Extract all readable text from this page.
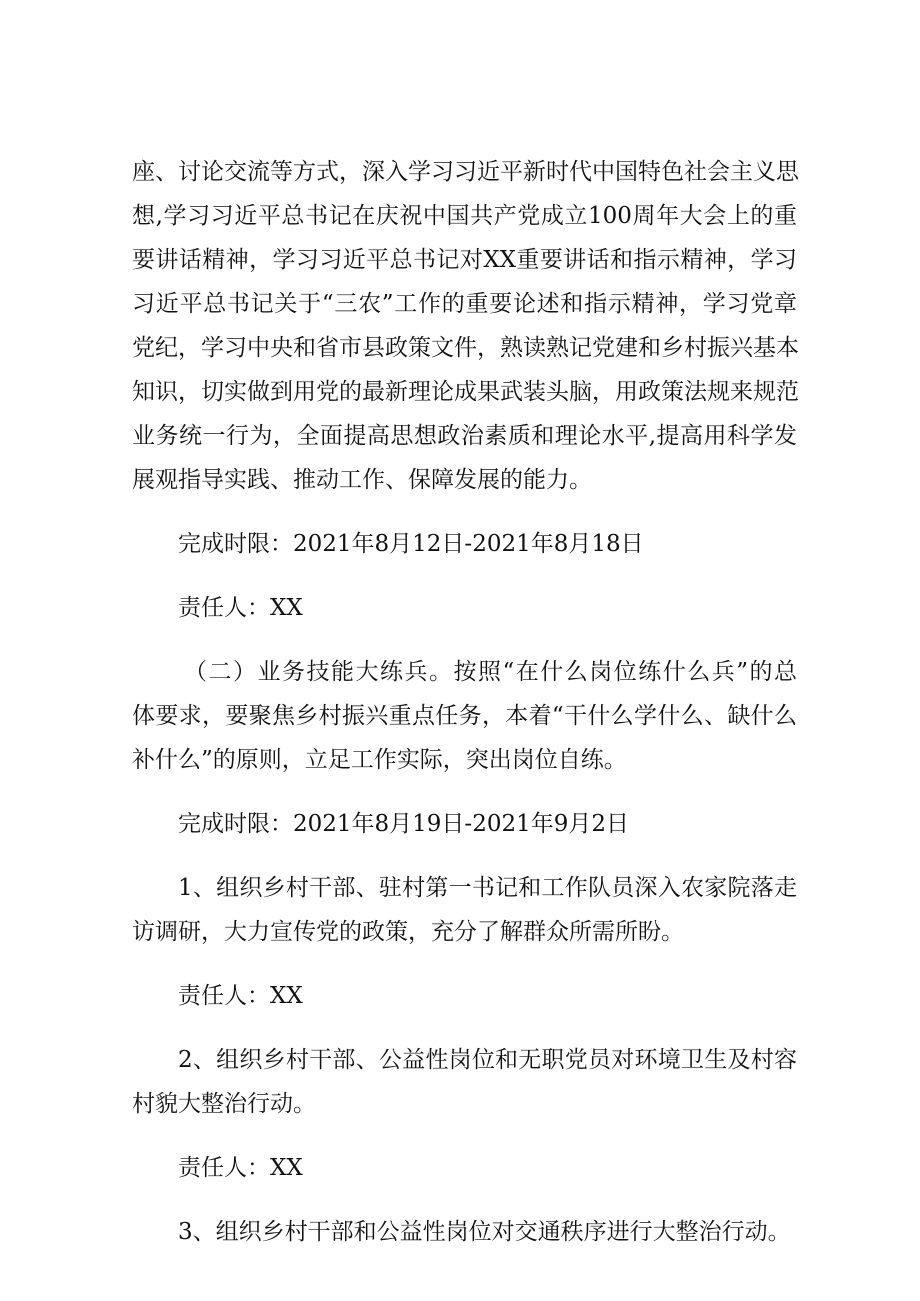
座、讨论交流等方式，深入学习习近平新时代中国特色社会主义思
想,学习习近平总书记在庆祝中国共产党成立100周年大会上的重
要讲话精神，学习习近平总书记对XX重要讲话和指示精神，学习
习近平总书记关于“三农”工作的重要论述和指示精神，学习党章
党纪，学习中央和省市县政策文件，熟读熟记党建和乡村振兴基本
知识，切实做到用党的最新理论成果武装头脑，用政策法规来规范
业务统一行为，全面提高思想政治素质和理论水平,提高用科学发
展观指导实践、推动工作、保障发展的能力。
完成时限：2021年8月12日-2021年8月18日
责任人：XX
（二）业务技能大练兵。按照“在什么岗位练什么兵”的总
体要求，要聚焦乡村振兴重点任务，本着“干什么学什么、缺什么
补什么”的原则，立足工作实际，突出岗位自练。
完成时限：2021年8月19日-2021年9月2日
1、组织乡村干部、驻村第一书记和工作队员深入农家院落走
访调研，大力宣传党的政策，充分了解群众所需所盼。
责任人：XX
2、组织乡村干部、公益性岗位和无职党员对环境卫生及村容
村貌大整治行动。
责任人：XX
3、组织乡村干部和公益性岗位对交通秩序进行大整治行动。
